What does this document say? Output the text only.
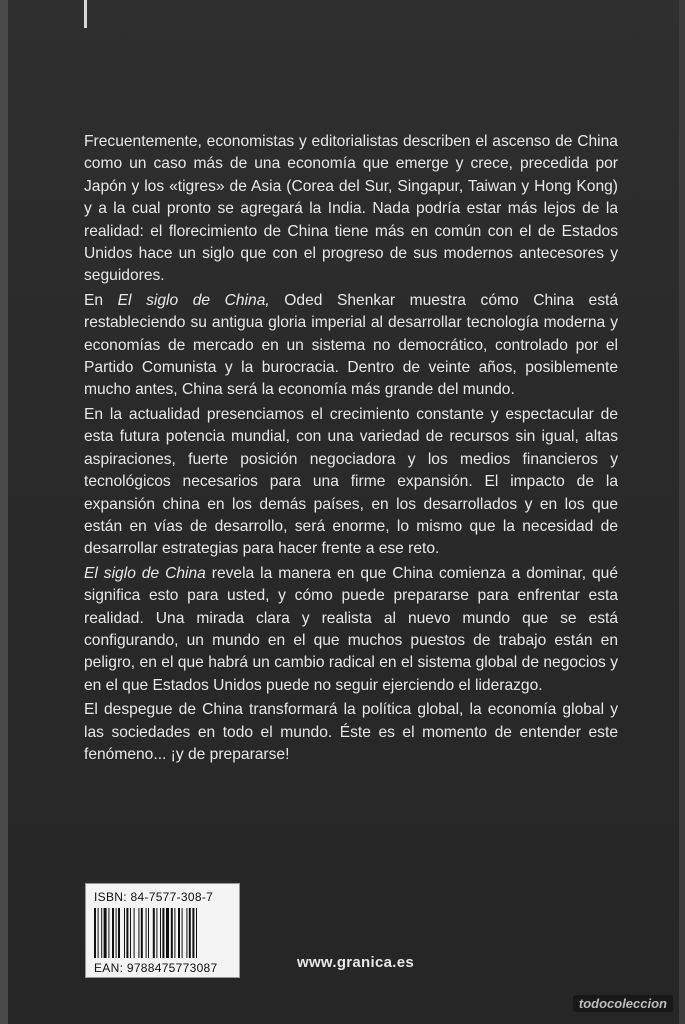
Frecuentemente, economistas y editorialistas describen el ascenso de China como un caso más de una economía que emerge y crece, precedida por Japón y los «tigres» de Asia (Corea del Sur, Singapur, Taiwan y Hong Kong) y a la cual pronto se agregará la India. Nada podría estar más lejos de la realidad: el florecimiento de China tiene más en común con el de Estados Unidos hace un siglo que con el progreso de sus modernos antecesores y seguidores.

En El siglo de China, Oded Shenkar muestra cómo China está restableciendo su antigua gloria imperial al desarrollar tecnología moderna y economías de mercado en un sistema no democrático, controlado por el Partido Comunista y la burocracia. Dentro de veinte años, posiblemente mucho antes, China será la economía más grande del mundo.

En la actualidad presenciamos el crecimiento constante y espectacular de esta futura potencia mundial, con una variedad de recursos sin igual, altas aspiraciones, fuerte posición negociadora y los medios financieros y tecnológicos necesarios para una firme expansión. El impacto de la expansión china en los demás países, en los desarrollados y en los que están en vías de desarrollo, será enorme, lo mismo que la necesidad de desarrollar estrategias para hacer frente a ese reto.

El siglo de China revela la manera en que China comienza a dominar, qué significa esto para usted, y cómo puede prepararse para enfrentar esta realidad. Una mirada clara y realista al nuevo mundo que se está configurando, un mundo en el que muchos puestos de trabajo están en peligro, en el que habrá un cambio radical en el sistema global de negocios y en el que Estados Unidos puede no seguir ejerciendo el liderazgo.

El despegue de China transformará la política global, la economía global y las sociedades en todo el mundo. Éste es el momento de entender este fenómeno... ¡y de prepararse!

ISBN: 84-7577-308-7
EAN: 9788475773087	www.granica.es
todocoleccion
